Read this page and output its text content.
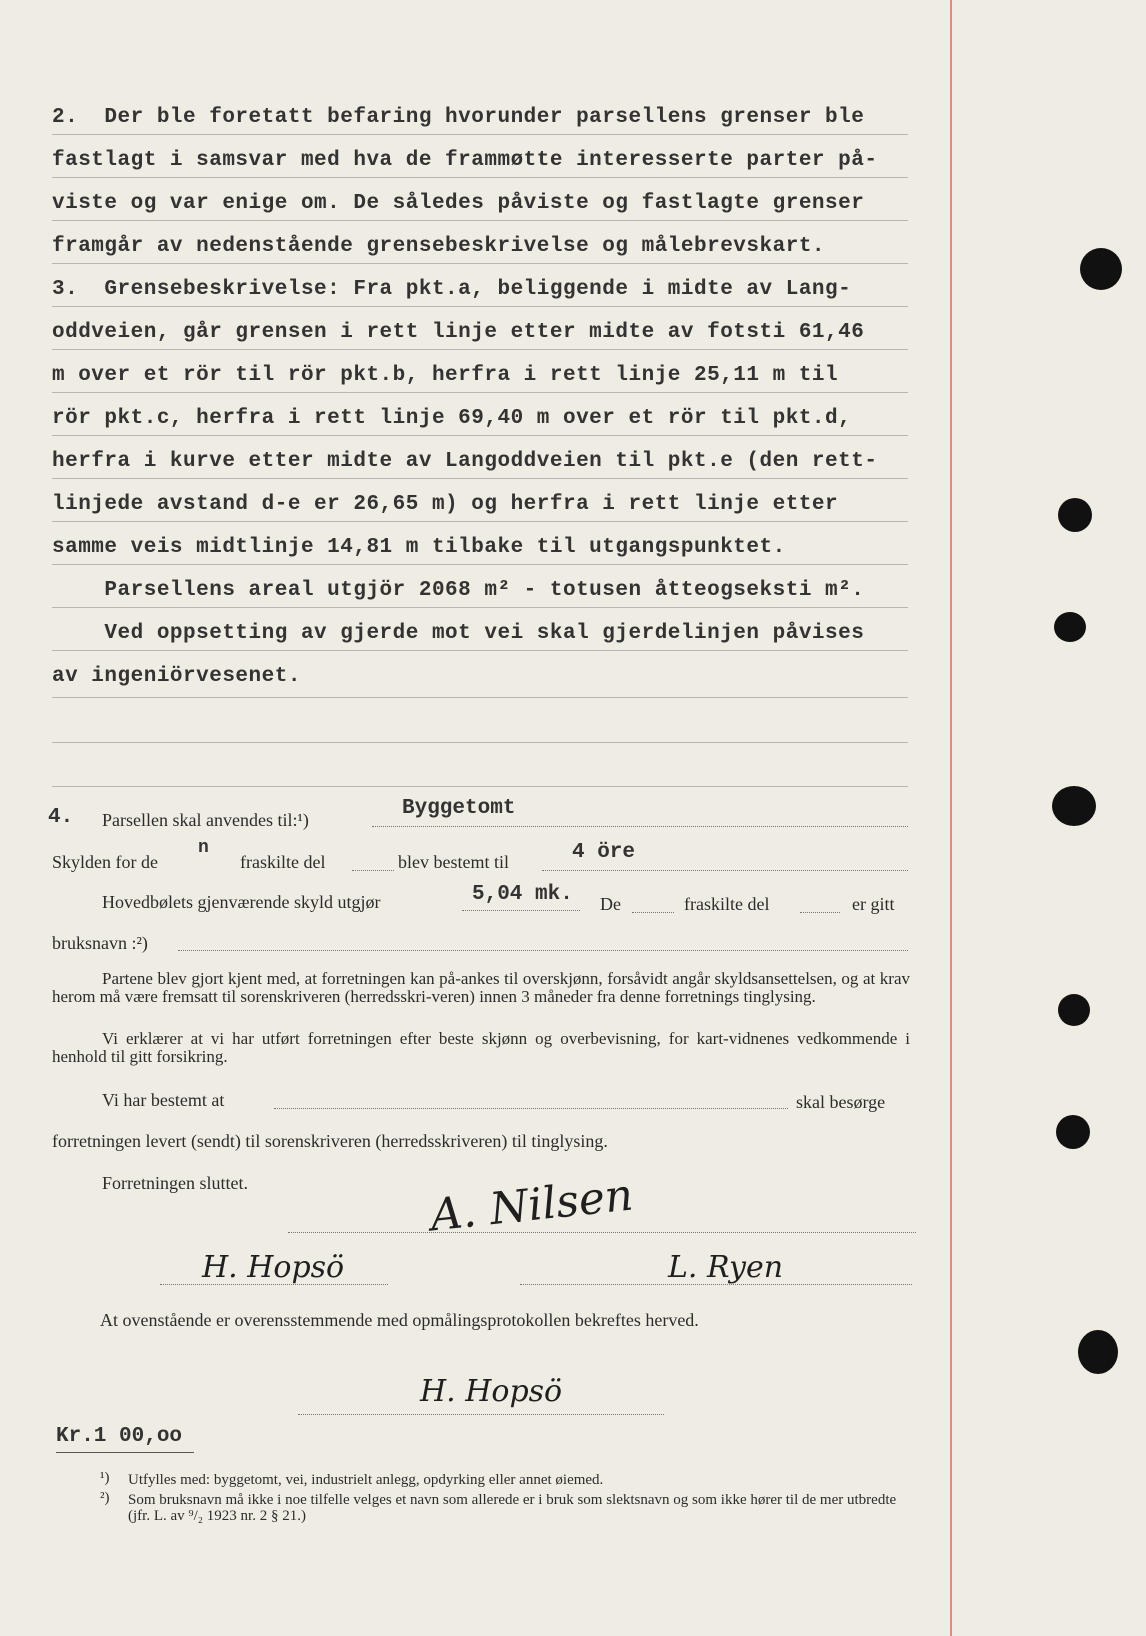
2.  Der ble foretatt befaring hvorunder parsellens grenser ble
fastlagt i samsvar med hva de frammøtte interesserte parter på-
viste og var enige om. De således påviste og fastlagte grenser
framgår av nedenstående grensebeskrivelse og målebrevskart.
3.  Grensebeskrivelse: Fra pkt.a, beliggende i midte av Lang-
oddveien, går grensen i rett linje etter midte av fotsti 61,46
m over et rör til rör pkt.b, herfra i rett linje 25,11 m til
rör pkt.c, herfra i rett linje 69,40 m over et rör til pkt.d,
herfra i kurve etter midte av Langoddveien til pkt.e (den rett-
linjede avstand d-e er 26,65 m) og herfra i rett linje etter
samme veis midtlinje 14,81 m tilbake til utgangspunktet.
Parsellens areal utgjör 2068 m² - totusen åtteogseksti m².
Ved oppsetting av gjerde mot vei skal gjerdelinjen påvises
av ingeniörvesenet.
4. Parsellen skal anvendes til:¹)	Byggetomt
Skylden for de
n
fraskilte del	blev bestemt til	4 öre
Hovedbølets gjenværende skyld utgjør	5,04 mk. De	fraskilte del	er gitt
bruksnavn :²)
Partene blev gjort kjent med, at forretningen kan på-ankes til overskjønn, forsåvidt angår skyldsansettelsen, og at krav herom må være fremsatt til sorenskriveren (herredsskri-veren) innen 3 måneder fra denne forretnings tinglysing.
Vi erklærer at vi har utført forretningen efter beste skjønn og overbevisning, for kart-vidnenes vedkommende i henhold til gitt forsikring.
Vi har bestemt at	skal besørge
forretningen levert (sendt) til sorenskriveren (herredsskriveren) til tinglysing.
Forretningen sluttet.	A. Nilsen
H. Hopsö	L. Ryen
At ovenstående er overensstemmende med opmålingsprotokollen bekreftes herved.
H. Hopsö
Kr.1 00,oo
¹) Utfylles med: byggetomt, vei, industrielt anlegg, opdyrking eller annet øiemed.
²) Som bruksnavn må ikke i noe tilfelle velges et navn som allerede er i bruk som slektsnavn og som ikke hører til de mer utbredte (jfr. L. av ⁹/₂ 1923 nr. 2 § 21.)
